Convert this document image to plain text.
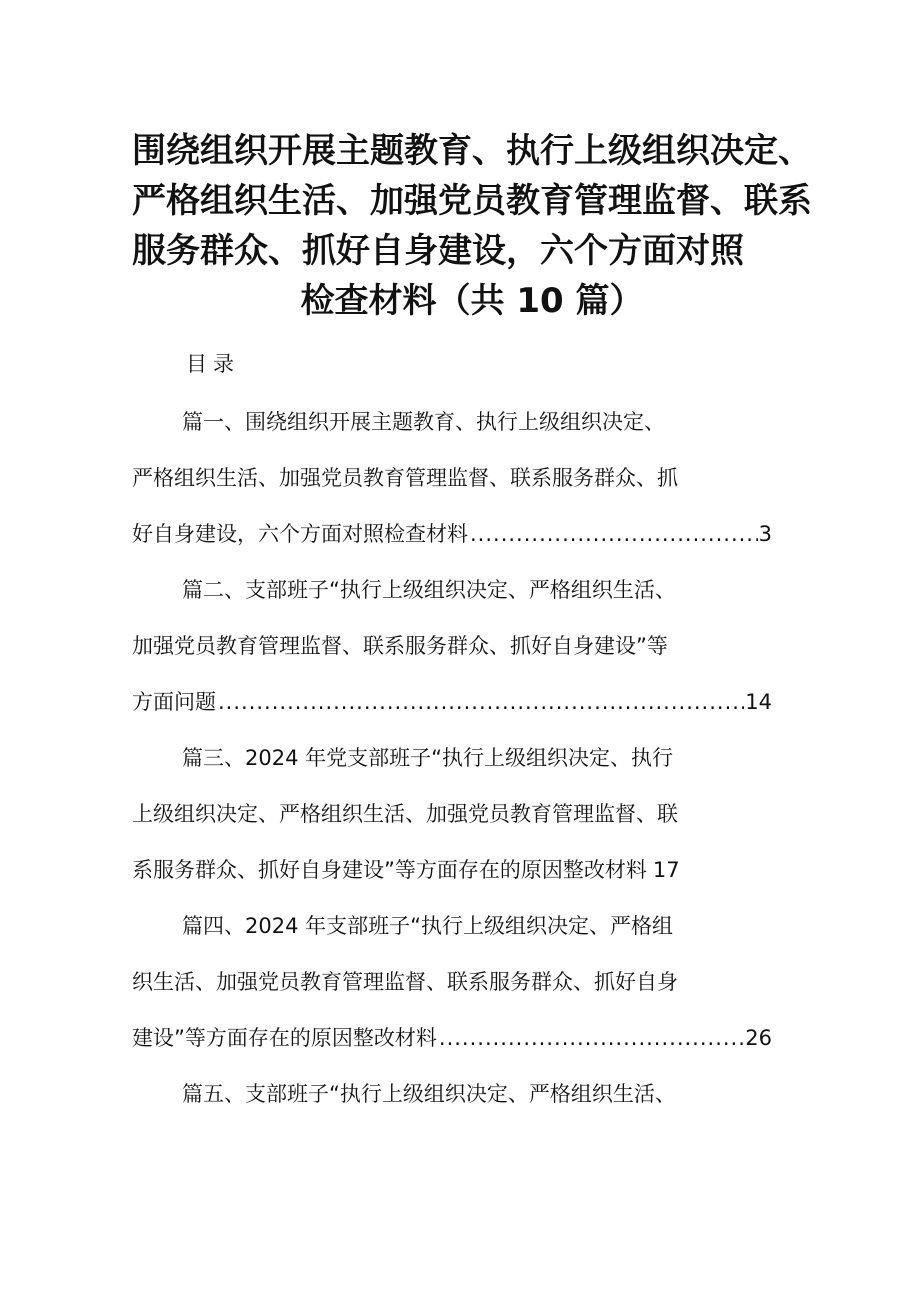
围绕组织开展主题教育、执行上级组织决定、
严格组织生活、加强党员教育管理监督、联系
服务群众、抓好自身建设，六个方面对照
检查材料（共 10 篇）
目录
篇一、围绕组织开展主题教育、执行上级组织决定、
严格组织生活、加强党员教育管理监督、联系服务群众、抓
好自身建设，六个方面对照检查材料 .....	3
篇二、支部班子“执行上级组织决定、严格组织生活、
加强党员教育管理监督、联系服务群众、抓好自身建设”等
方面问题 .....	14
篇三、2024 年党支部班子“执行上级组织决定、执行
上级组织决定、严格组织生活、加强党员教育管理监督、联
系服务群众、抓好自身建设”等方面存在的原因整改材料 17
篇四、2024 年支部班子“执行上级组织决定、严格组
织生活、加强党员教育管理监督、联系服务群众、抓好自身
建设”等方面存在的原因整改材料 .....	26
篇五、支部班子“执行上级组织决定、严格组织生活、
